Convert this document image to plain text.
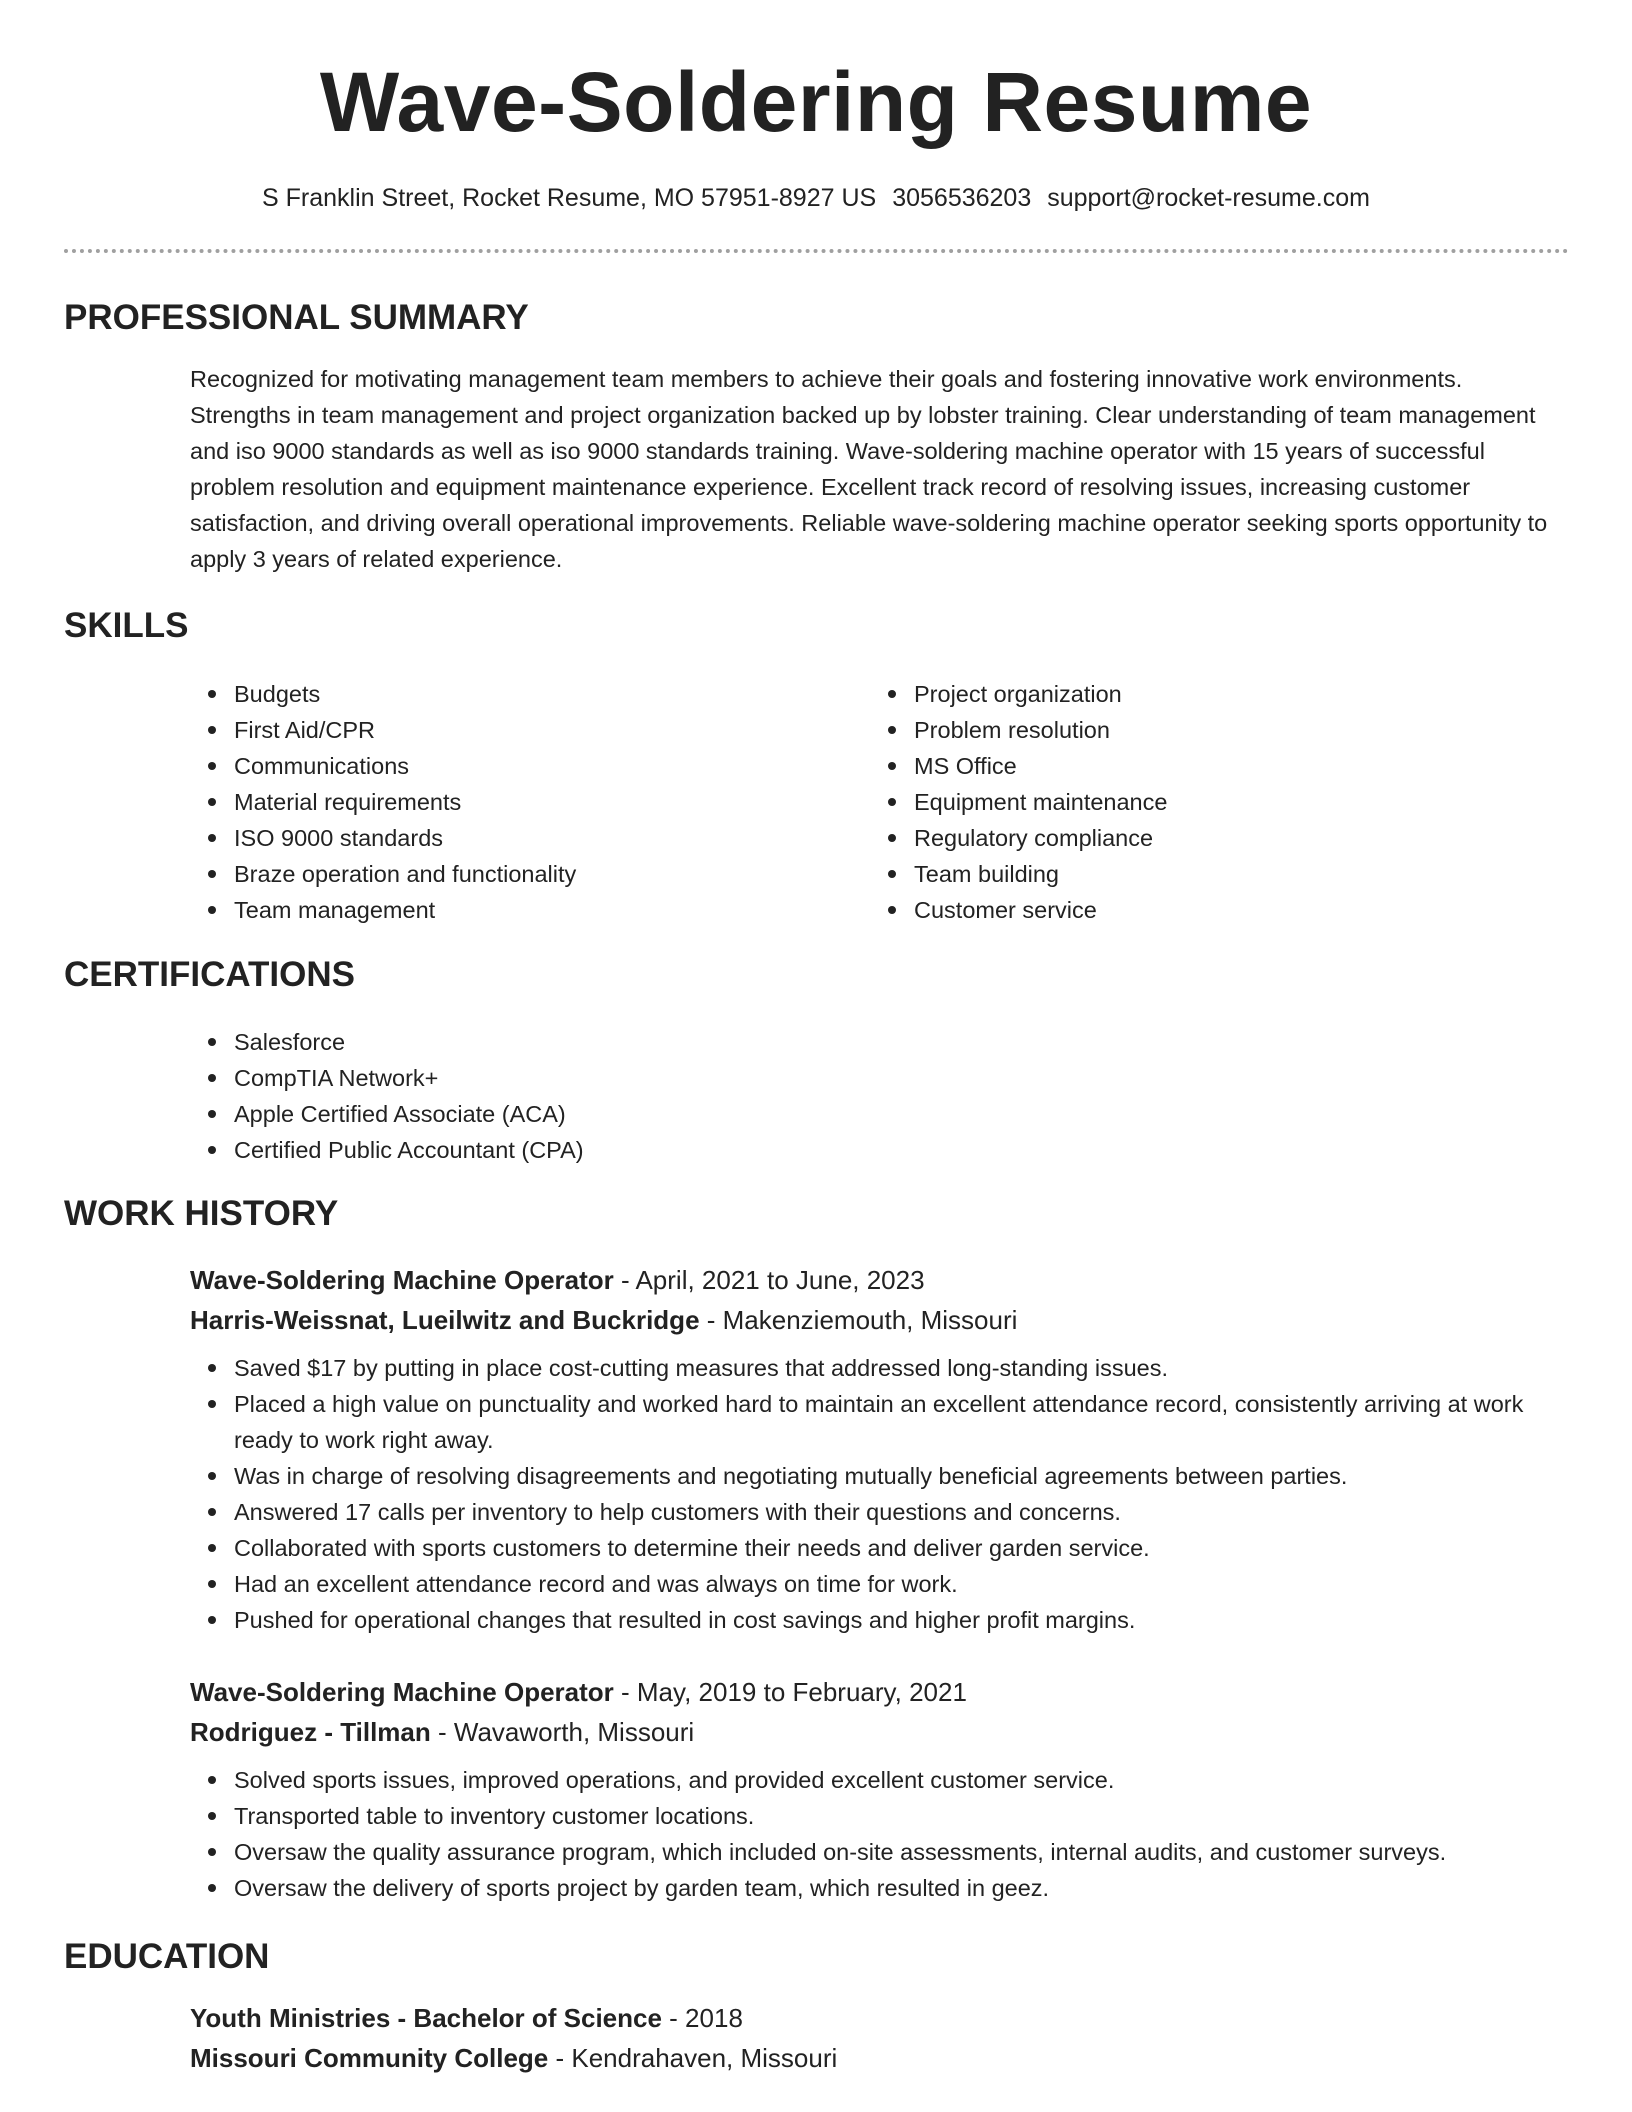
Wave-Soldering Resume
S Franklin Street, Rocket Resume, MO 57951-8927 US 3056536203 support@rocket-resume.com
PROFESSIONAL SUMMARY
Recognized for motivating management team members to achieve their goals and fostering innovative work environments. Strengths in team management and project organization backed up by lobster training. Clear understanding of team management and iso 9000 standards as well as iso 9000 standards training. Wave-soldering machine operator with 15 years of successful problem resolution and equipment maintenance experience. Excellent track record of resolving issues, increasing customer satisfaction, and driving overall operational improvements. Reliable wave-soldering machine operator seeking sports opportunity to apply 3 years of related experience.
SKILLS
Budgets
First Aid/CPR
Communications
Material requirements
ISO 9000 standards
Braze operation and functionality
Team management
Project organization
Problem resolution
MS Office
Equipment maintenance
Regulatory compliance
Team building
Customer service
CERTIFICATIONS
Salesforce
CompTIA Network+
Apple Certified Associate (ACA)
Certified Public Accountant (CPA)
WORK HISTORY
Wave-Soldering Machine Operator - April, 2021 to June, 2023
Harris-Weissnat, Lueilwitz and Buckridge - Makenziemouth, Missouri
Saved $17 by putting in place cost-cutting measures that addressed long-standing issues.
Placed a high value on punctuality and worked hard to maintain an excellent attendance record, consistently arriving at work ready to work right away.
Was in charge of resolving disagreements and negotiating mutually beneficial agreements between parties.
Answered 17 calls per inventory to help customers with their questions and concerns.
Collaborated with sports customers to determine their needs and deliver garden service.
Had an excellent attendance record and was always on time for work.
Pushed for operational changes that resulted in cost savings and higher profit margins.
Wave-Soldering Machine Operator - May, 2019 to February, 2021
Rodriguez - Tillman - Wavaworth, Missouri
Solved sports issues, improved operations, and provided excellent customer service.
Transported table to inventory customer locations.
Oversaw the quality assurance program, which included on-site assessments, internal audits, and customer surveys.
Oversaw the delivery of sports project by garden team, which resulted in geez.
EDUCATION
Youth Ministries - Bachelor of Science - 2018
Missouri Community College - Kendrahaven, Missouri
